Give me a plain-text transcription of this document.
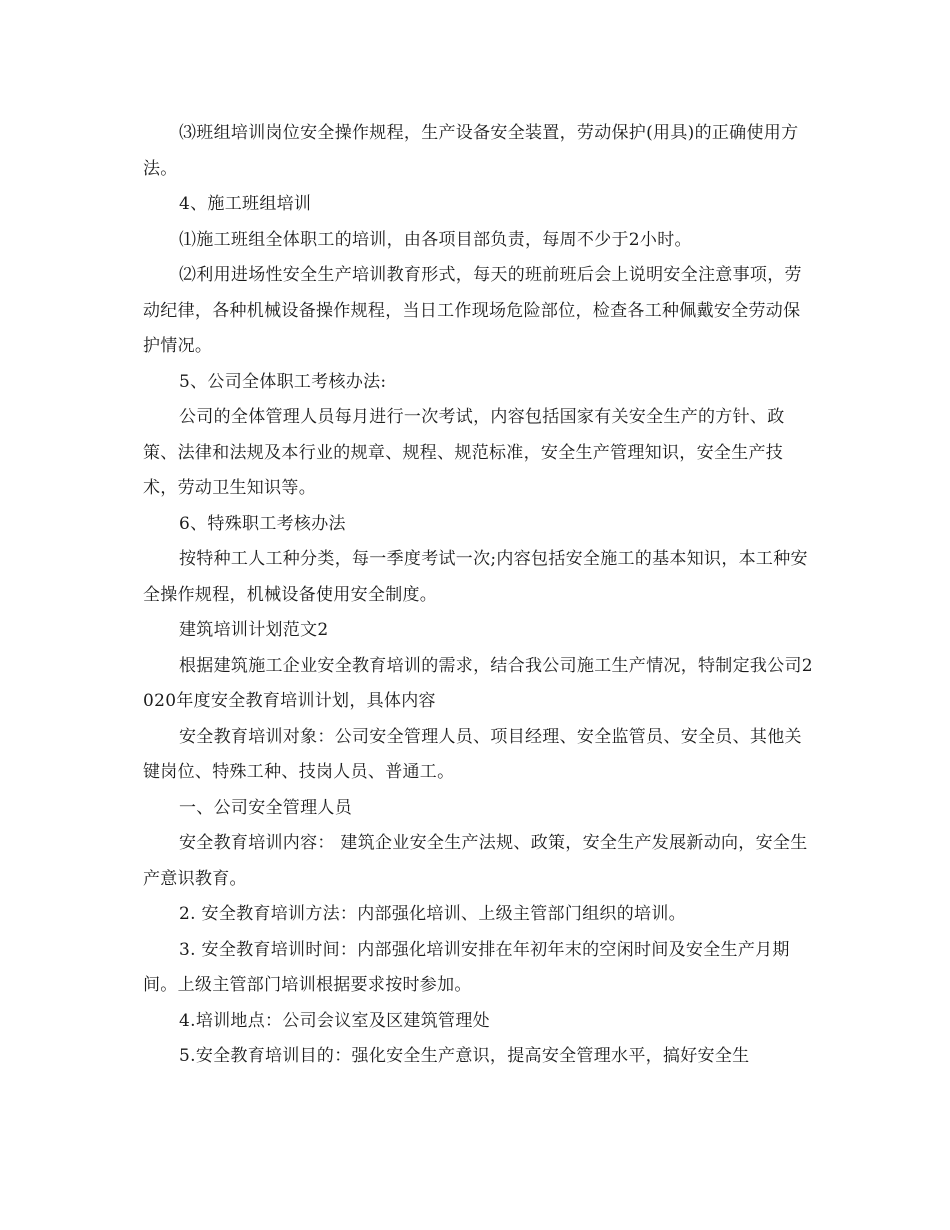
⑶班组培训岗位安全操作规程，生产设备安全装置，劳动保护(用具)的正确使用方法。

4、施工班组培训

⑴施工班组全体职工的培训，由各项目部负责，每周不少于2小时。

⑵利用进场性安全生产培训教育形式，每天的班前班后会上说明安全注意事项，劳动纪律，各种机械设备操作规程，当日工作现场危险部位，检查各工种佩戴安全劳动保护情况。

5、公司全体职工考核办法:

公司的全体管理人员每月进行一次考试，内容包括国家有关安全生产的方针、政策、法律和法规及本行业的规章、规程、规范标准，安全生产管理知识，安全生产技术，劳动卫生知识等。

6、特殊职工考核办法

按特种工人工种分类，每一季度考试一次;内容包括安全施工的基本知识，本工种安全操作规程，机械设备使用安全制度。

建筑培训计划范文2

根据建筑施工企业安全教育培训的需求，结合我公司施工生产情况，特制定我公司2020年度安全教育培训计划，具体内容

安全教育培训对象：公司安全管理人员、项目经理、安全监管员、安全员、其他关键岗位、特殊工种、技岗人员、普通工。

一、公司安全管理人员

安全教育培训内容： 建筑企业安全生产法规、政策，安全生产发展新动向，安全生产意识教育。

2. 安全教育培训方法：内部强化培训、上级主管部门组织的培训。

3. 安全教育培训时间：内部强化培训安排在年初年末的空闲时间及安全生产月期间。上级主管部门培训根据要求按时参加。

4.培训地点：公司会议室及区建筑管理处

5.安全教育培训目的：强化安全生产意识，提高安全管理水平，搞好安全生
